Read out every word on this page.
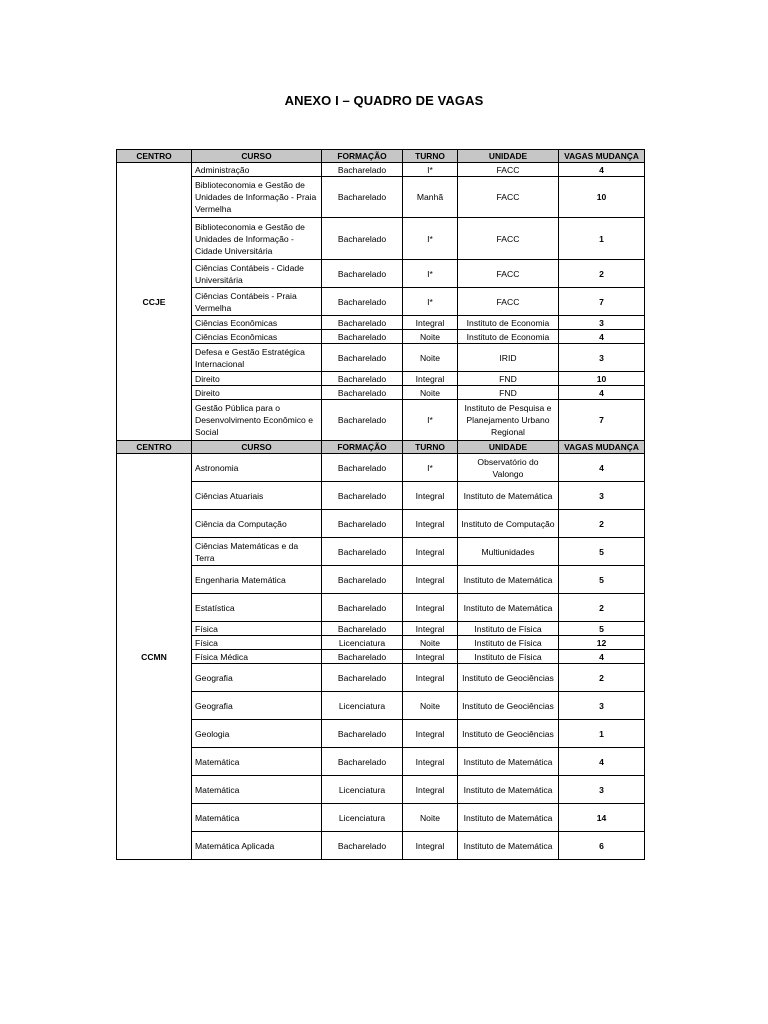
ANEXO I – QUADRO DE VAGAS
CENTRO	CURSO	FORMAÇÃO	TURNO	UNIDADE	VAGAS MUDANÇA
CCJE	Administração	Bacharelado	I*	FACC	4
	Biblioteconomia e Gestão de Unidades de Informação - Praia Vermelha	Bacharelado	Manhã	FACC	10
	Biblioteconomia e Gestão de Unidades de Informação - Cidade Universitária	Bacharelado	I*	FACC	1
	Ciências Contábeis - Cidade Universitária	Bacharelado	I*	FACC	2
	Ciências Contábeis - Praia Vermelha	Bacharelado	I*	FACC	7
	Ciências Econômicas	Bacharelado	Integral	Instituto de Economia	3
	Ciências Econômicas	Bacharelado	Noite	Instituto de Economia	4
	Defesa e Gestão Estratégica Internacional	Bacharelado	Noite	IRID	3
	Direito	Bacharelado	Integral	FND	10
	Direito	Bacharelado	Noite	FND	4
	Gestão Pública para o Desenvolvimento Econômico e Social	Bacharelado	I*	Instituto de Pesquisa e Planejamento Urbano Regional	7
CENTRO	CURSO	FORMAÇÃO	TURNO	UNIDADE	VAGAS MUDANÇA
CCMN	Astronomia	Bacharelado	I*	Observatório do Valongo	4
	Ciências Atuariais	Bacharelado	Integral	Instituto de Matemática	3
	Ciência da Computação	Bacharelado	Integral	Instituto de Computação	2
	Ciências Matemáticas e da Terra	Bacharelado	Integral	Multiunidades	5
	Engenharia Matemática	Bacharelado	Integral	Instituto de Matemática	5
	Estatística	Bacharelado	Integral	Instituto de Matemática	2
	Física	Bacharelado	Integral	Instituto de Física	5
	Física	Licenciatura	Noite	Instituto de Física	12
	Física Médica	Bacharelado	Integral	Instituto de Física	4
	Geografia	Bacharelado	Integral	Instituto de Geociências	2
	Geografia	Licenciatura	Noite	Instituto de Geociências	3
	Geologia	Bacharelado	Integral	Instituto de Geociências	1
	Matemática	Bacharelado	Integral	Instituto de Matemática	4
	Matemática	Licenciatura	Integral	Instituto de Matemática	3
	Matemática	Licenciatura	Noite	Instituto de Matemática	14
	Matemática Aplicada	Bacharelado	Integral	Instituto de Matemática	6
